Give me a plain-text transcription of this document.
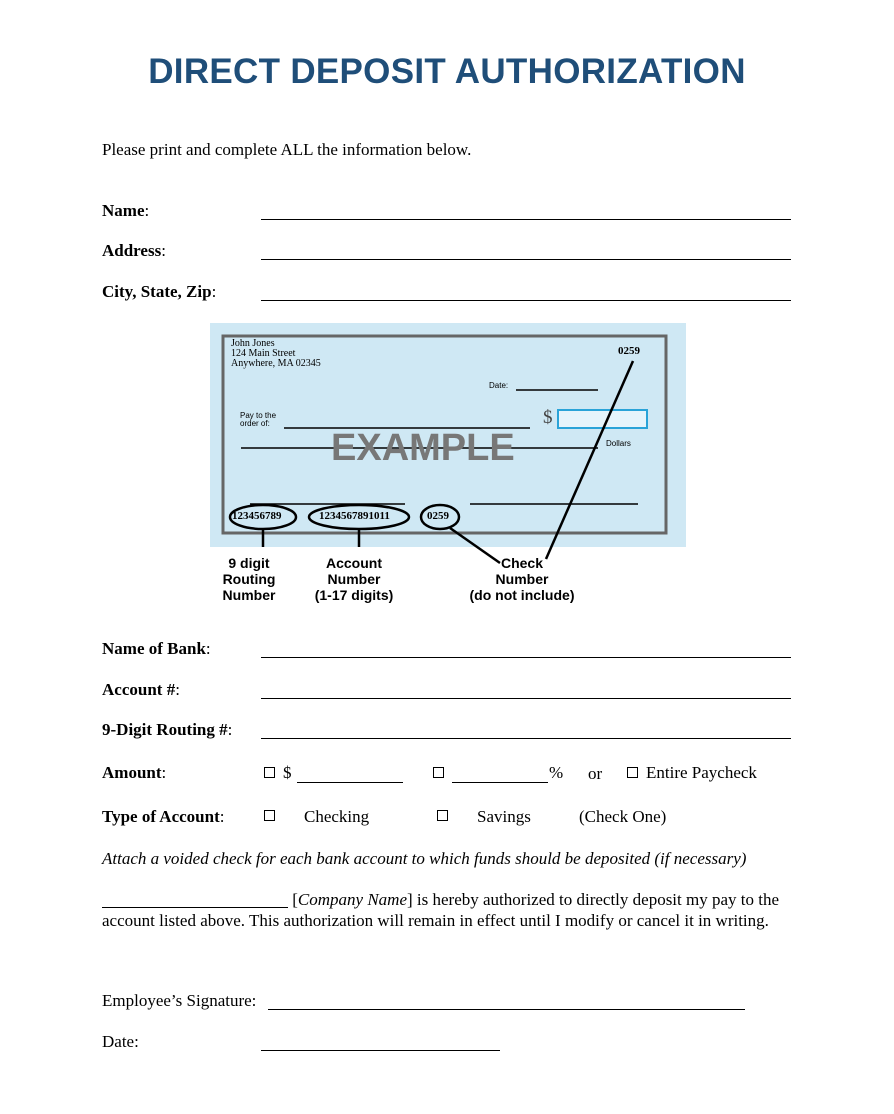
DIRECT DEPOSIT AUTHORIZATION
Please print and complete ALL the information below.
Name:
Address:
City, State, Zip:
John Jones
124 Main Street
Anywhere, MA 02345
0259
Date:
Pay to the
order of:	$
Dollars
EXAMPLE
123456789	1234567891011	0259
9 digit
Routing
Number
Account
Number
(1-17 digits)
Check
Number
(do not include)
Name of Bank:
Account #:
9-Digit Routing #:
Amount:	$	% or	Entire Paycheck
Type of Account:	Checking	Savings	(Check One)
Attach a voided check for each bank account to which funds should be deposited (if necessary)
[Company Name] is hereby authorized to directly deposit my pay to the account listed above. This authorization will remain in effect until I modify or cancel it in writing.
Employee’s Signature:
Date:
